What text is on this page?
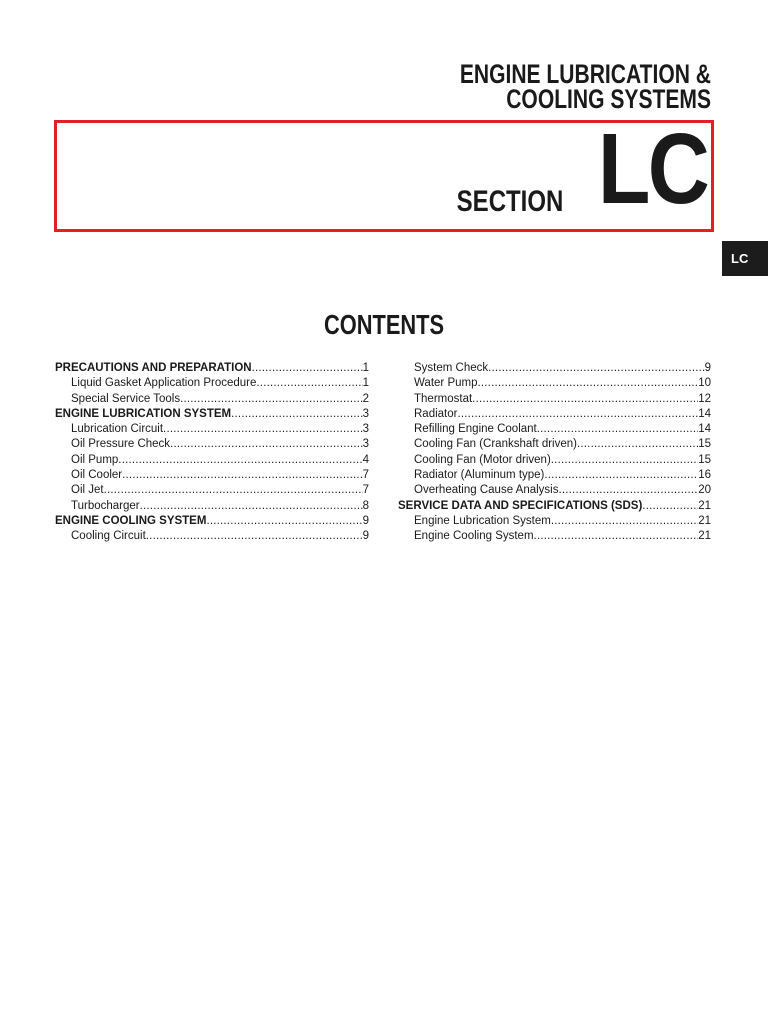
ENGINE LUBRICATION &
COOLING SYSTEMS
SECTION LC
LC
CONTENTS
PRECAUTIONS AND PREPARATION .....	1
Liquid Gasket Application Procedure .....	1
Special Service Tools .....	2
ENGINE LUBRICATION SYSTEM .....	3
Lubrication Circuit .....	3
Oil Pressure Check .....	3
Oil Pump .....	4
Oil Cooler .....	7
Oil Jet .....	7
Turbocharger .....	8
ENGINE COOLING SYSTEM .....	9
Cooling Circuit .....	9
System Check .....	9
Water Pump .....	10
Thermostat .....	12
Radiator .....	14
Refilling Engine Coolant .....	14
Cooling Fan (Crankshaft driven) .....	15
Cooling Fan (Motor driven) .....	15
Radiator (Aluminum type) .....	16
Overheating Cause Analysis .....	20
SERVICE DATA AND SPECIFICATIONS (SDS) .....	21
Engine Lubrication System .....	21
Engine Cooling System .....	21
